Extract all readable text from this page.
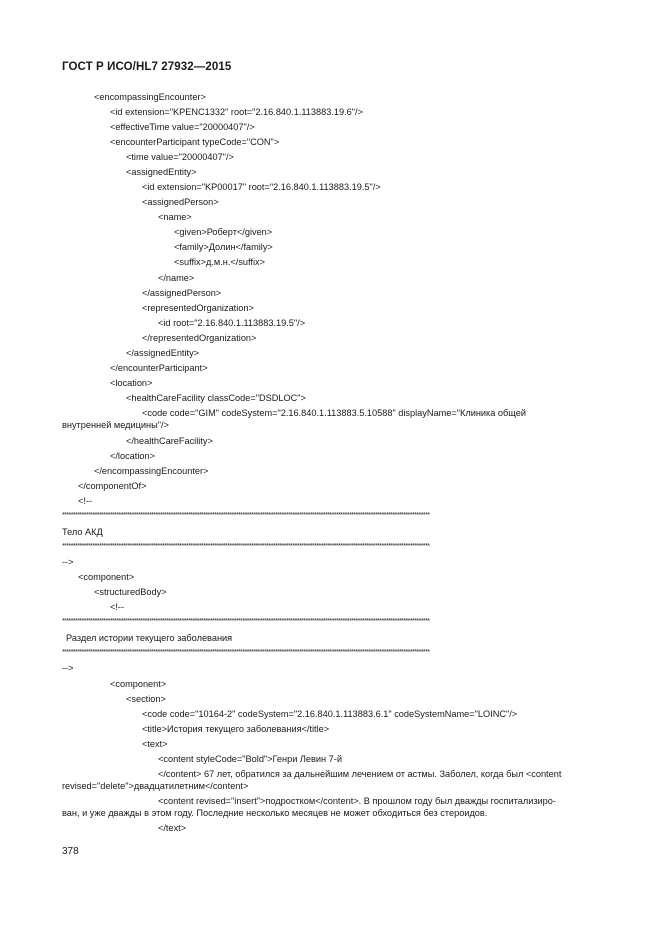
ГОСТ Р ИСО/HL7 27932—2015
<encompassingEncounter>
<id extension="KPENC1332" root="2.16.840.1.113883.19.6"/>
<effectiveTime value="20000407"/>
<encounterParticipant typeCode="CON">
<time value="20000407"/>
<assignedEntity>
<id extension="KP00017" root="2.16.840.1.113883.19.5"/>
<assignedPerson>
<name>
<given>Роберт</given>
<family>Долин</family>
<suffix>д.м.н.</suffix>
</name>
</assignedPerson>
<representedOrganization>
<id root="2.16.840.1.113883.19.5"/>
</representedOrganization>
</assignedEntity>
</encounterParticipant>
<location>
<healthCareFacility classCode="DSDLOC">
<code code="GIM" codeSystem="2.16.840.1.113883.5.10588" displayName="Клиника общей
внутренней медицины"/>
</healthCareFacility>
</location>
</encompassingEncounter>
</componentOf>
<!--
*************************************************************************************************************************************************************************
Тело АКД
*************************************************************************************************************************************************************************
-->
<component>
<structuredBody>
<!--
*************************************************************************************************************************************************************************
Раздел истории текущего заболевания
*************************************************************************************************************************************************************************
-->
<component>
<section>
<code code="10164-2" codeSystem="2.16.840.1.113883.6.1" codeSystemName="LOINC"/>
<title>История текущего заболевания</title>
<text>
<content styleCode="Bold">Генри Левин 7-й
</content> 67 лет, обратился за дальнейшим лечением от астмы. Заболел, когда был <content
revised="delete">двадцатилетним</content>
<content revised="insert">подростком</content>. В прошлом году был дважды госпитализиро-
ван, и уже дважды в этом году. Последние несколько месяцев не может обходиться без стероидов.
</text>
378
